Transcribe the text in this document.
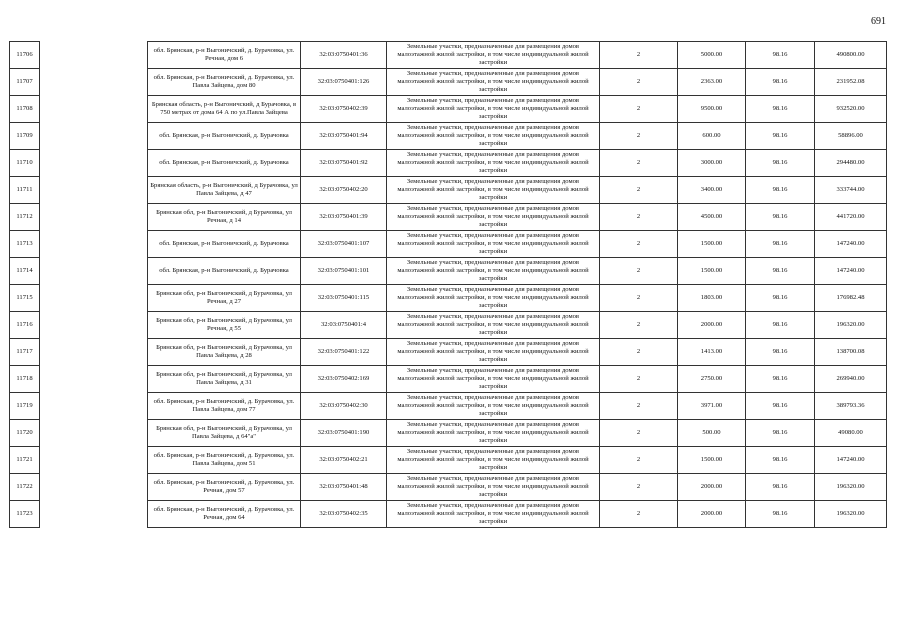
691
11706		обл. Брянская, р-н Выгоничский, д. Бурачовка, ул. Речная, дом 6	32:03:0750401:36	Земельные участки, предназначенные для размещения домов малоэтажной жилой застройки, в том числе индивидуальной жилой застройки	2	5000.00	98.16	490800.00
11707		обл. Брянская, р-н Выгоничский, д. Бурачовка, ул. Павла Зайцева, дом 80	32:03:0750401:126	Земельные участки, предназначенные для размещения домов малоэтажной жилой застройки, в том числе индивидуальной жилой застройки	2	2363.00	98.16	231952.08
11708		Брянская область, р-н Выгоничский, д Бурачовка, в 750 метрах от дома 64 А по ул.Павла Зайцева	32:03:0750402:39	Земельные участки, предназначенные для размещения домов малоэтажной жилой застройки, в том числе индивидуальной жилой застройки	2	9500.00	98.16	932520.00
11709		обл. Брянская, р-н Выгоничский, д. Бурачовка	32:03:0750401:94	Земельные участки, предназначенные для размещения домов малоэтажной жилой застройки, в том числе индивидуальной жилой застройки	2	600.00	98.16	58896.00
11710		обл. Брянская, р-н Выгоничский, д. Бурачовка	32:03:0750401:92	Земельные участки, предназначенные для размещения домов малоэтажной жилой застройки, в том числе индивидуальной жилой застройки	2	3000.00	98.16	294480.00
11711		Брянская область, р-н Выгоничский, д Бурачовка, ул Павла Зайцева, д 47	32:03:0750402:20	Земельные участки, предназначенные для размещения домов малоэтажной жилой застройки, в том числе индивидуальной жилой застройки	2	3400.00	98.16	333744.00
11712		Брянская обл, р-н Выгоничский, д Бурачовка, ул Речная, д 14	32:03:0750401:39	Земельные участки, предназначенные для размещения домов малоэтажной жилой застройки, в том числе индивидуальной жилой застройки	2	4500.00	98.16	441720.00
11713		обл. Брянская, р-н Выгоничский, д. Бурачовка	32:03:0750401:107	Земельные участки, предназначенные для размещения домов малоэтажной жилой застройки, в том числе индивидуальной жилой застройки	2	1500.00	98.16	147240.00
11714		обл. Брянская, р-н Выгоничский, д. Бурачовка	32:03:0750401:101	Земельные участки, предназначенные для размещения домов малоэтажной жилой застройки, в том числе индивидуальной жилой застройки	2	1500.00	98.16	147240.00
11715		Брянская обл, р-н Выгоничский, д Бурачовка, ул Речная, д 27	32:03:0750401:115	Земельные участки, предназначенные для размещения домов малоэтажной жилой застройки, в том числе индивидуальной жилой застройки	2	1803.00	98.16	176982.48
11716		Брянская обл, р-н Выгоничский, д Бурачовка, ул Речная, д 55	32:03:0750401:4	Земельные участки, предназначенные для размещения домов малоэтажной жилой застройки, в том числе индивидуальной жилой застройки	2	2000.00	98.16	196320.00
11717		Брянская обл, р-н Выгоничский, д Бурачовка, ул Павла Зайцева, д 28	32:03:0750401:122	Земельные участки, предназначенные для размещения домов малоэтажной жилой застройки, в том числе индивидуальной жилой застройки	2	1413.00	98.16	138700.08
11718		Брянская обл, р-н Выгоничский, д Бурачовка, ул Павла Зайцева, д 31	32:03:0750402:169	Земельные участки, предназначенные для размещения домов малоэтажной жилой застройки, в том числе индивидуальной жилой застройки	2	2750.00	98.16	269940.00
11719		обл. Брянская, р-н Выгоничский, д. Бурачовка, ул. Павла Зайцева, дом 77	32:03:0750402:30	Земельные участки, предназначенные для размещения домов малоэтажной жилой застройки, в том числе индивидуальной жилой застройки	2	3971.00	98.16	389793.36
11720		Брянская обл, р-н Выгоничский, д Бурачовка, ул Павла Зайцева, д 64"а"	32:03:0750401:190	Земельные участки, предназначенные для размещения домов малоэтажной жилой застройки, в том числе индивидуальной жилой застройки	2	500.00	98.16	49080.00
11721		обл. Брянская, р-н Выгоничский, д. Бурачовка, ул. Павла Зайцева, дом 51	32:03:0750402:21	Земельные участки, предназначенные для размещения домов малоэтажной жилой застройки, в том числе индивидуальной жилой застройки	2	1500.00	98.16	147240.00
11722		обл. Брянская, р-н Выгоничский, д. Бурачовка, ул. Речная, дом 57	32:03:0750401:48	Земельные участки, предназначенные для размещения домов малоэтажной жилой застройки, в том числе индивидуальной жилой застройки	2	2000.00	98.16	196320.00
11723		обл. Брянская, р-н Выгоничский, д. Бурачовка, ул. Речная, дом 64	32:03:0750402:35	Земельные участки, предназначенные для размещения домов малоэтажной жилой застройки, в том числе индивидуальной жилой застройки	2	2000.00	98.16	196320.00
